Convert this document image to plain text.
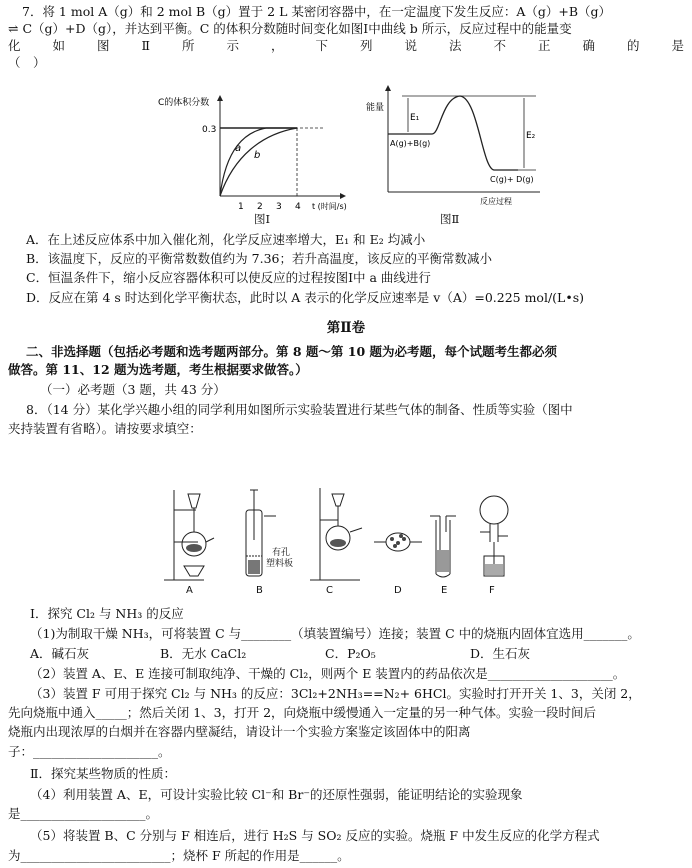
7．将 1 mol A（g）和 2 mol B（g）置于 2 L 某密闭容器中，在一定温度下发生反应：A（g）+B（g）
⇌ C（g）+D（g），并达到平衡。C 的体积分数随时间变化如图Ⅰ中曲线 b 所示，反应过程中的能量变
化	如	图	Ⅱ	所	示	，	下	列	说	法	不	正	确	的	是
（　）
C的体积分数
0.3
a
b
1 2 3 4 t (时间/s)
图Ⅰ
能量
E₁
E₂
A(g)+B(g)
C(g)+ D(g)
反应过程
图Ⅱ
A．在上述反应体系中加入催化剂，化学反应速率增大，E₁ 和 E₂ 均减小
B．该温度下，反应的平衡常数数值约为 7.36；若升高温度，该反应的平衡常数减小
C．恒温条件下，缩小反应容器体积可以使反应的过程按图Ⅰ中 a 曲线进行
D．反应在第 4 s 时达到化学平衡状态，此时以 A 表示的化学反应速率是 v（A）=0.225 mol/(L•s)
第Ⅱ卷
二、非选择题（包括必考题和选考题两部分。第 8 题～第 10 题为必考题，每个试题考生都必须
做答。第 11、12 题为选考题，考生根据要求做答。）
（一）必考题（3 题，共 43 分）
8．（14 分）某化学兴趣小组的同学利用如图所示实验装置进行某些气体的制备、性质等实验（图中
夹持装置有省略）。请按要求填空：
有孔
塑料板
A	B	C	D	E	F
Ⅰ．探究 Cl₂ 与 NH₃ 的反应
（1)为制取干燥 NH₃，可将装置 C 与________（填装置编号）连接；装置 C 中的烧瓶内固体宜选用_______。
A．碱石灰	B．无水 CaCl₂	C．P₂O₅	D．生石灰
（2）装置 A、E、E 连接可制取纯净、干燥的 Cl₂，则两个 E 装置内的药品依次是____________________。
（3）装置 F 可用于探究 Cl₂ 与 NH₃ 的反应：3Cl₂+2NH₃==N₂+ 6HCl。实验时打开开关 1、3，关闭 2，
先向烧瓶中通入_____；然后关闭 1、3，打开 2，向烧瓶中缓慢通入一定量的另一种气体。实验一段时间后
烧瓶内出现浓厚的白烟并在容器内壁凝结，请设计一个实验方案鉴定该固体中的阳离
子：____________________。
Ⅱ．探究某些物质的性质：
（4）利用装置 A、E，可设计实验比较 Cl⁻和 Br⁻的还原性强弱，能证明结论的实验现象
是____________________。
（5）将装置 B、C 分别与 F 相连后，进行 H₂S 与 SO₂ 反应的实验。烧瓶 F 中发生反应的化学方程式
为________________________；烧杯 F 所起的作用是______。
